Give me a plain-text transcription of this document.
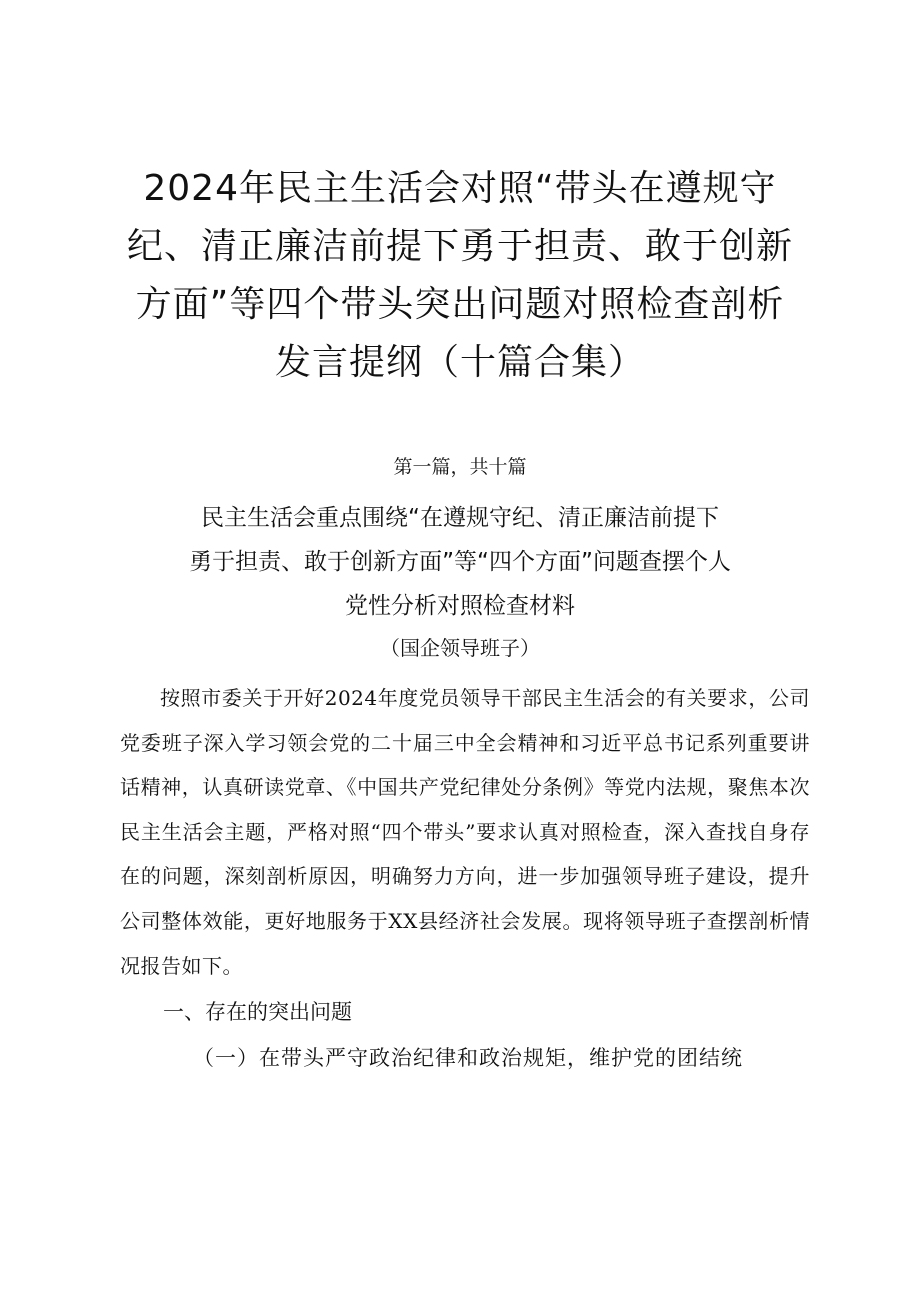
2024年民主生活会对照“带头在遵规守纪、清正廉洁前提下勇于担责、敢于创新方面”等四个带头突出问题对照检查剖析发言提纲（十篇合集）
第一篇，共十篇
民主生活会重点围绕“在遵规守纪、清正廉洁前提下
勇于担责、敢于创新方面”等“四个方面”问题查摆个人
党性分析对照检查材料
（国企领导班子）

按照市委关于开好2024年度党员领导干部民主生活会的有关要求，公司党委班子深入学习领会党的二十届三中全会精神和习近平总书记系列重要讲话精神，认真研读党章、《中国共产党纪律处分条例》等党内法规，聚焦本次民主生活会主题，严格对照“四个带头”要求认真对照检查，深入查找自身存在的问题，深刻剖析原因，明确努力方向，进一步加强领导班子建设，提升公司整体效能，更好地服务于XX县经济社会发展。现将领导班子查摆剖析情况报告如下。

一、存在的突出问题

（一）在带头严守政治纪律和政治规矩，维护党的团结统
